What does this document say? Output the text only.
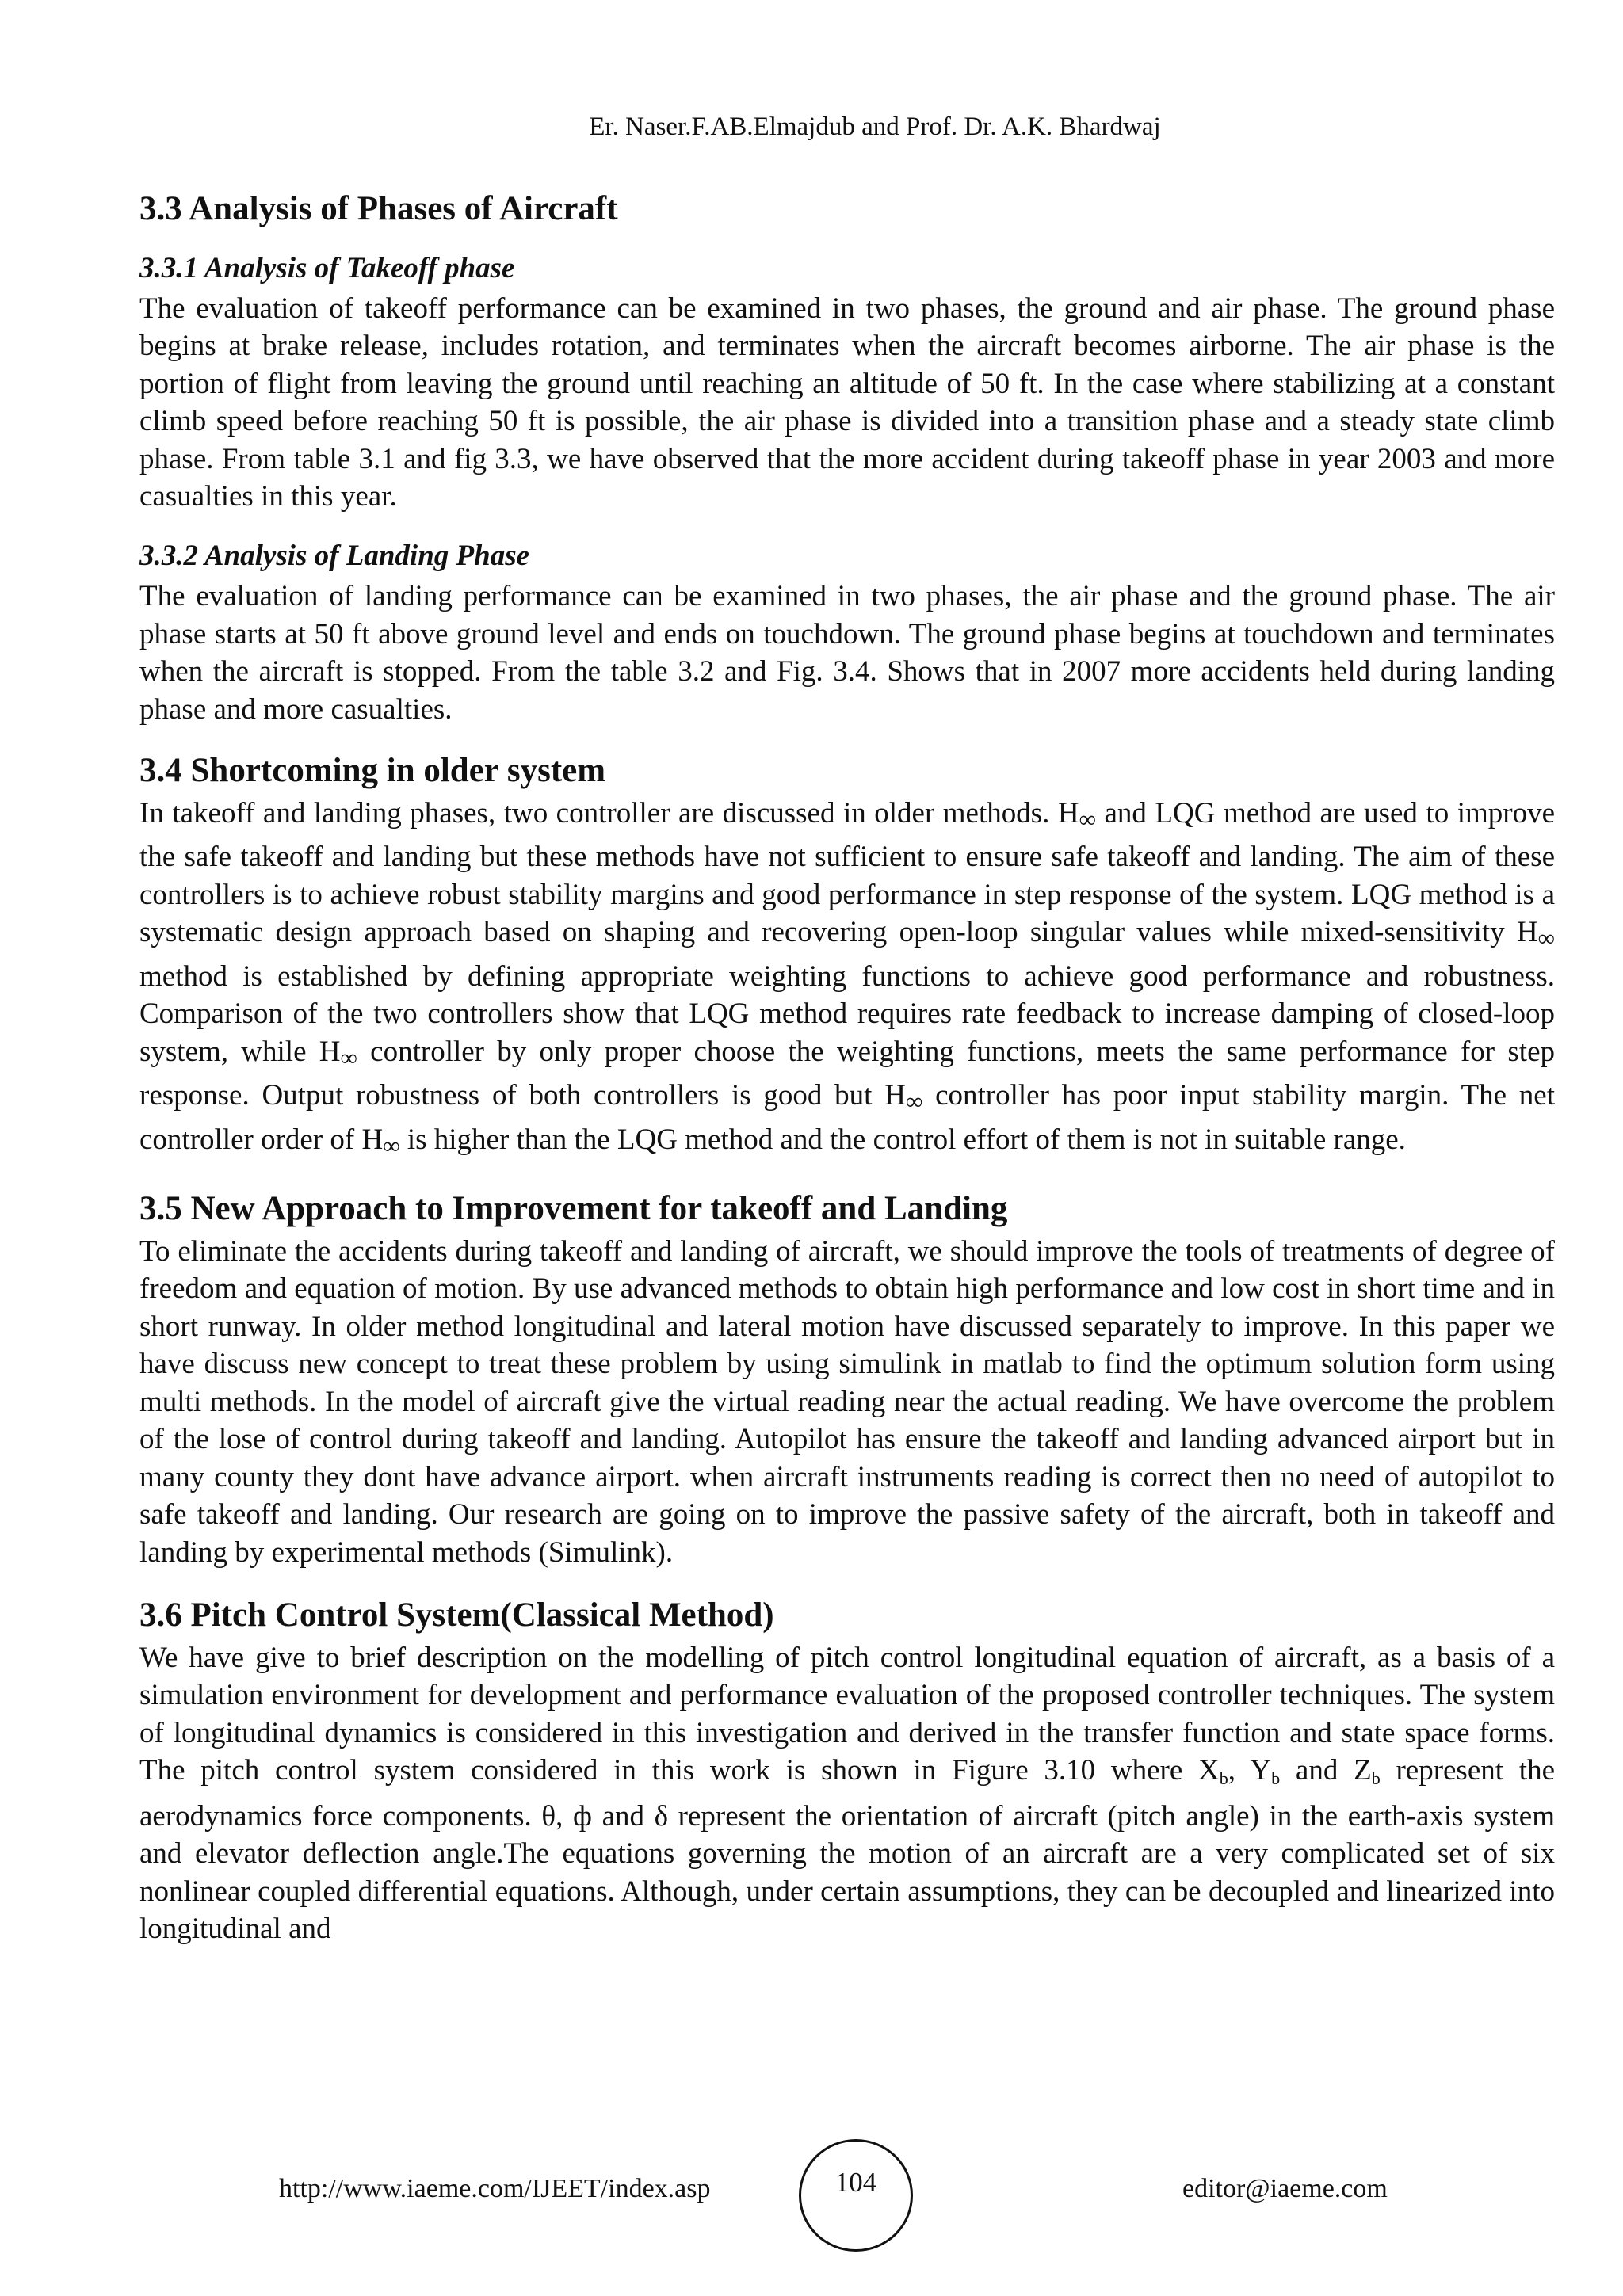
Er. Naser.F.AB.Elmajdub and Prof. Dr. A.K. Bhardwaj
3.3 Analysis of Phases of Aircraft
3.3.1 Analysis of Takeoff phase

The evaluation of takeoff performance can be examined in two phases, the ground and air phase. The ground phase begins at brake release, includes rotation, and terminates when the aircraft becomes airborne. The air phase is the portion of flight from leaving the ground until reaching an altitude of 50 ft. In the case where stabilizing at a constant climb speed before reaching 50 ft is possible, the air phase is divided into a transition phase and a steady state climb phase. From table 3.1 and fig 3.3, we have observed that the more accident during takeoff phase in year 2003 and more casualties in this year.

3.3.2 Analysis of Landing Phase

The evaluation of landing performance can be examined in two phases, the air phase and the ground phase. The air phase starts at 50 ft above ground level and ends on touchdown. The ground phase begins at touchdown and terminates when the aircraft is stopped. From the table 3.2 and Fig. 3.4. Shows that in 2007 more accidents held during landing phase and more casualties.

3.4 Shortcoming in older system

In takeoff and landing phases, two controller are discussed in older methods. $H_\infty$ and LQG method are used to improve the safe takeoff and landing but these methods have not sufficient to ensure safe takeoff and landing. The aim of these controllers is to achieve robust stability margins and good performance in step response of the system. LQG method is a systematic design approach based on shaping and recovering open-loop singular values while mixed-sensitivity $H_\infty$ method is established by defining appropriate weighting functions to achieve good performance and robustness. Comparison of the two controllers show that LQG method requires rate feedback to increase damping of closed-loop system, while $H_\infty$ controller by only proper choose the weighting functions, meets the same performance for step response. Output robustness of both controllers is good but $H_\infty$ controller has poor input stability margin. The net controller order of $H_\infty$ is higher than the LQG method and the control effort of them is not in suitable range.

3.5 New Approach to Improvement for takeoff and Landing

To eliminate the accidents during takeoff and landing of aircraft, we should improve the tools of treatments of degree of freedom and equation of motion. By use advanced methods to obtain high performance and low cost in short time and in short runway. In older method longitudinal and lateral motion have discussed separately to improve. In this paper we have discuss new concept to treat these problem by using simulink in matlab to find the optimum solution form using multi methods. In the model of aircraft give the virtual reading near the actual reading. We have overcome the problem of the lose of control during takeoff and landing. Autopilot has ensure the takeoff and landing advanced airport but in many county they dont have advance airport. when aircraft instruments reading is correct then no need of autopilot to safe takeoff and landing. Our research are going on to improve the passive safety of the aircraft, both in takeoff and landing by experimental methods (Simulink).

3.6 Pitch Control System(Classical Method)

We have give to brief description on the modelling of pitch control longitudinal equation of aircraft, as a basis of a simulation environment for development and performance evaluation of the proposed controller techniques. The system of longitudinal dynamics is considered in this investigation and derived in the transfer function and state space forms. The pitch control system considered in this work is shown in Figure 3.10 where $X_b$, $Y_b$ and $Z_b$ represent the aerodynamics force components. θ, ф and δ represent the orientation of aircraft (pitch angle) in the earth-axis system and elevator deflection angle.The equations governing the motion of an aircraft are a very complicated set of six nonlinear coupled differential equations. Although, under certain assumptions, they can be decoupled and linearized into longitudinal and

http://www.iaeme.com/IJEET/index.asp	104	editor@iaeme.com
